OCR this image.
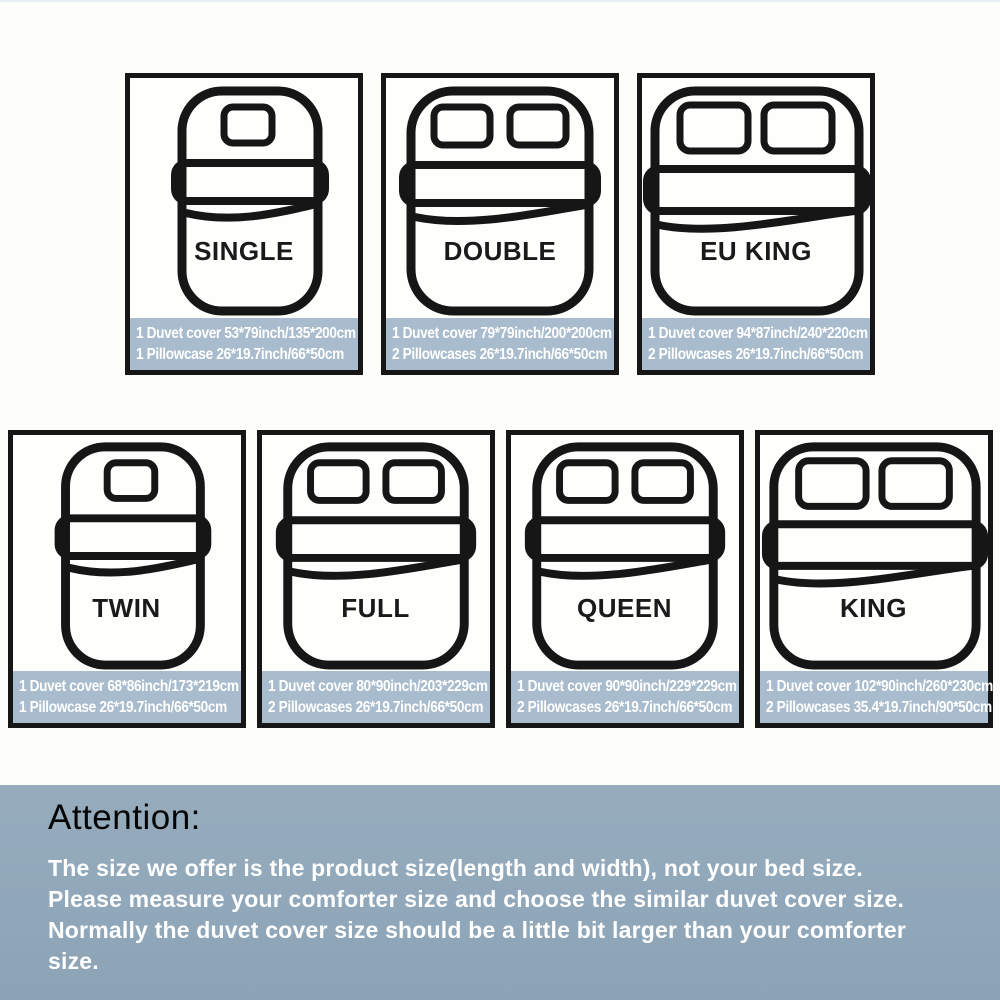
SINGLE
1 Duvet cover 53*79inch/135*200cm
1 Pillowcase 26*19.7inch/66*50cm
DOUBLE
1 Duvet cover 79*79inch/200*200cm
2 Pillowcases 26*19.7inch/66*50cm
EU KING
1 Duvet cover 94*87inch/240*220cm
2 Pillowcases 26*19.7inch/66*50cm
TWIN
1 Duvet cover 68*86inch/173*219cm
1 Pillowcase 26*19.7inch/66*50cm
FULL
1 Duvet cover 80*90inch/203*229cm
2 Pillowcases 26*19.7inch/66*50cm
QUEEN
1 Duvet cover 90*90inch/229*229cm
2 Pillowcases 26*19.7inch/66*50cm
KING
1 Duvet cover 102*90inch/260*230cm
2 Pillowcases 35.4*19.7inch/90*50cm
Attention:
The size we offer is the product size(length and width), not your bed size.
Please measure your comforter size and choose the similar duvet cover size.
Normally the duvet cover size should be a little bit larger than your comforter
size.
